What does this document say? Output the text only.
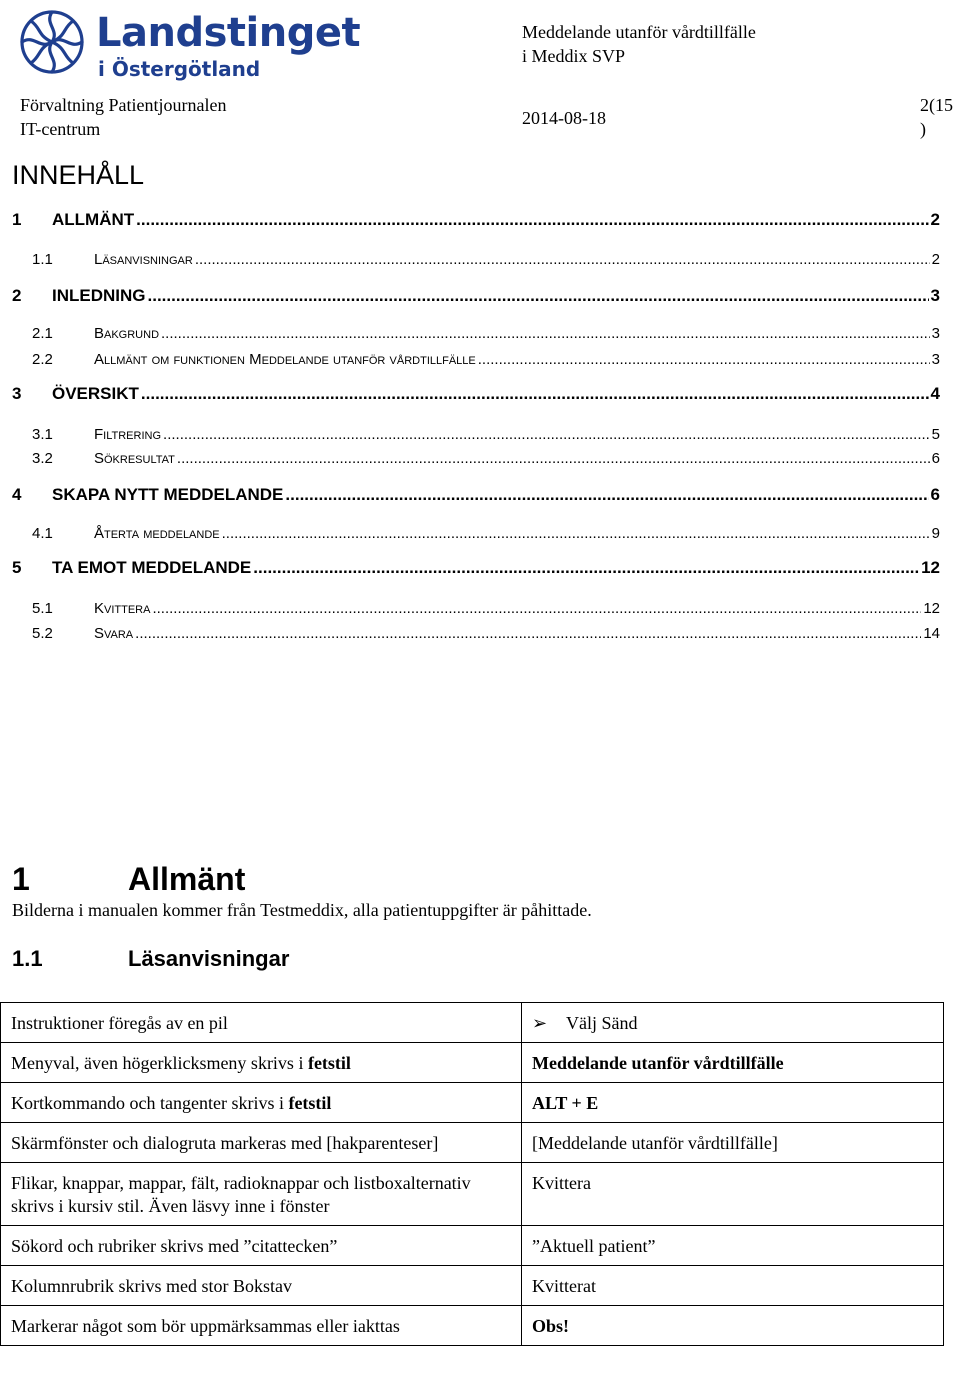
Landstinget
i Östergötland
Meddelande utanför vårdtillfälle
i Meddix SVP
Förvaltning Patientjournalen
IT-centrum
2014-08-18
2(15
)
INNEHÅLL
1	ALLMÄNT .....	2
1.1	Läsanvisningar .....	2
2	INLEDNING .....	3
2.1	Bakgrund .....	3
2.2	Allmänt om funktionen Meddelande utanför vårdtillfälle .....	3
3	ÖVERSIKT .....	4
3.1	Filtrering .....	5
3.2	Sökresultat .....	6
4	SKAPA NYTT MEDDELANDE .....	6
4.1	Återta meddelande .....	9
5	TA EMOT MEDDELANDE .....	12
5.1	Kvittera .....	12
5.2	Svara .....	14
1	Allmänt
Bilderna i manualen kommer från Testmeddix, alla patientuppgifter är påhittade.
1.1	Läsanvisningar
Instruktioner föregås av en pil	➢ Välj Sänd
Menyval, även högerklicksmeny skrivs i fetstil	Meddelande utanför vårdtillfälle
Kortkommando och tangenter skrivs i fetstil	ALT + E
Skärmfönster och dialogruta markeras med [hakparenteser]	[Meddelande utanför vårdtillfälle]
Flikar, knappar, mappar, fält, radioknappar och listboxalternativ skrivs i kursiv stil. Även läsvy inne i fönster	Kvittera
Sökord och rubriker skrivs med ”citattecken”	”Aktuell patient”
Kolumnrubrik skrivs med stor Bokstav	Kvitterat
Markerar något som bör uppmärksammas eller iakttas	Obs!
